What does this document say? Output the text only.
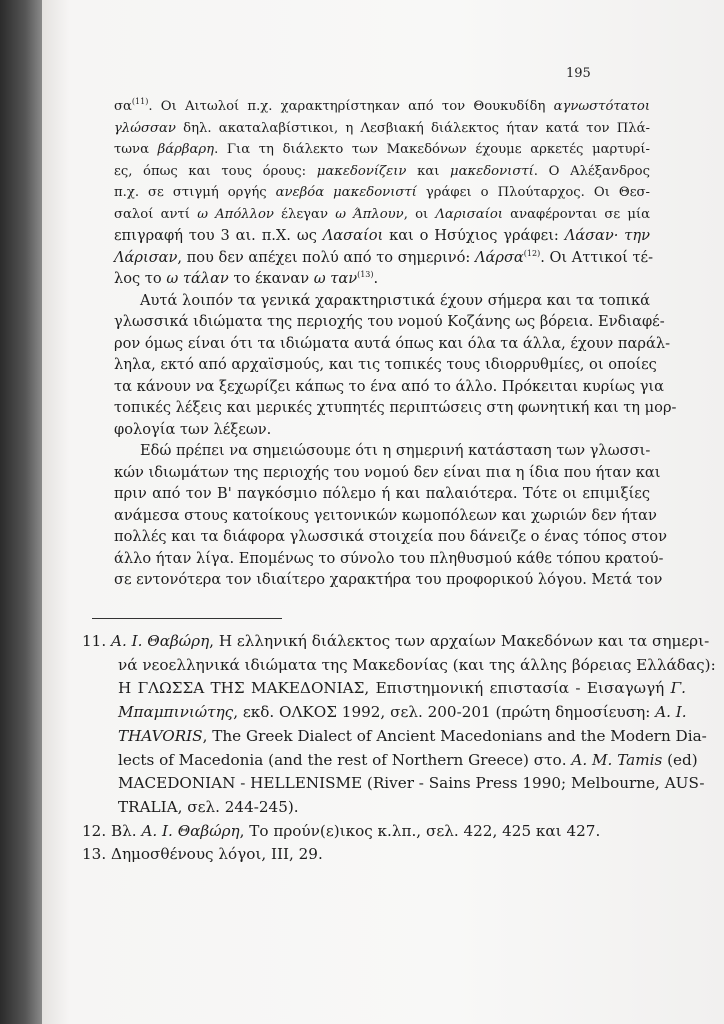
195

$\sigma\alpha^{(11)}$. Οι Αιτωλοί π.χ. χαρακτηρίστηκαν από τον Θουκυδίδη αγνωστότατοι
γλώσσαν δηλ. ακαταλαβίστικοι, η Λεσβιακή διάλεκτος ήταν κατά τον Πλά-
τωνα βάρβαρη. Για τη διάλεκτο των Μακεδόνων έχουμε αρκετές μαρτυρί-
ες, όπως και τους όρους: μακεδονίζειν και μακεδονιστί. Ο Αλέξανδρος
π.χ. σε στιγμή οργής ανεβόα μακεδονιστί γράφει ο Πλούταρχος. Οι Θεσ-
σαλοί αντί ω Απόλλον έλεγαν ω Άπλουν, οι Λαρισαίοι αναφέρονται σε μία
επιγραφή του 3 αι. π.Χ. ως Λασαίοι και ο Ησύχιος γράφει: Λάσαν· την
Λάρισαν, που δεν απέχει πολύ από το σημερινό: Λάρσα$^{(12)}$. Οι Αττικοί τέ-
λος το ω τάλαν το έκαναν ω ταν$^{(13)}$.

Αυτά λοιπόν τα γενικά χαρακτηριστικά έχουν σήμερα και τα τοπικά
γλωσσικά ιδιώματα της περιοχής του νομού Κοζάνης ως βόρεια. Ενδιαφέ-
ρον όμως είναι ότι τα ιδιώματα αυτά όπως και όλα τα άλλα, έχουν παράλ-
ληλα, εκτό από αρχαϊσμούς, και τις τοπικές τους ιδιορρυθμίες, οι οποίες
τα κάνουν να ξεχωρίζει κάπως το ένα από το άλλο. Πρόκειται κυρίως για
τοπικές λέξεις και μερικές χτυπητές περιπτώσεις στη φωνητική και τη μορ-
φολογία των λέξεων.

Εδώ πρέπει να σημειώσουμε ότι η σημερινή κατάσταση των γλωσσι-
κών ιδιωμάτων της περιοχής του νομού δεν είναι πια η ίδια που ήταν και
πριν από τον Β' παγκόσμιο πόλεμο ή και παλαιότερα. Τότε οι επιμιξίες
ανάμεσα στους κατοίκους γειτονικών κωμοπόλεων και χωριών δεν ήταν
πολλές και τα διάφορα γλωσσικά στοιχεία που δάνειζε ο ένας τόπος στον
άλλο ήταν λίγα. Επομένως το σύνολο του πληθυσμού κάθε τόπου κρατού-
σε εντονότερα τον ιδιαίτερο χαρακτήρα του προφορικού λόγου. Μετά τον

11. Α. Ι. Θαβώρη, Η ελληνική διάλεκτος των αρχαίων Μακεδόνων και τα σημερι-
νά νεοελληνικά ιδιώματα της Μακεδονίας (και της άλλης βόρειας Ελλάδας):
Η ΓΛΩΣΣΑ ΤΗΣ ΜΑΚΕΔΟΝΙΑΣ, Επιστημονική επιστασία - Εισαγωγή Γ.
Μπαμπινιώτης, εκδ. ΟΛΚΟΣ 1992, σελ. 200-201 (πρώτη δημοσίευση: Α. Ι.
THAVORIS, The Greek Dialect of Ancient Macedonians and the Modern Dia-
lects of Macedonia (and the rest of Northern Greece) στο. A. M. Tamis (ed)
MACEDONIAN - HELLENISME (River - Sains Press 1990; Melbourne, AUS-
TRALIA, σελ. 244-245).
12. Βλ. Α. Ι. Θαβώρη, Το πρoύν(ε)ικος κ.λπ., σελ. 422, 425 και 427.
13. Δημοσθένους λόγοι, ΙΙΙ, 29.
